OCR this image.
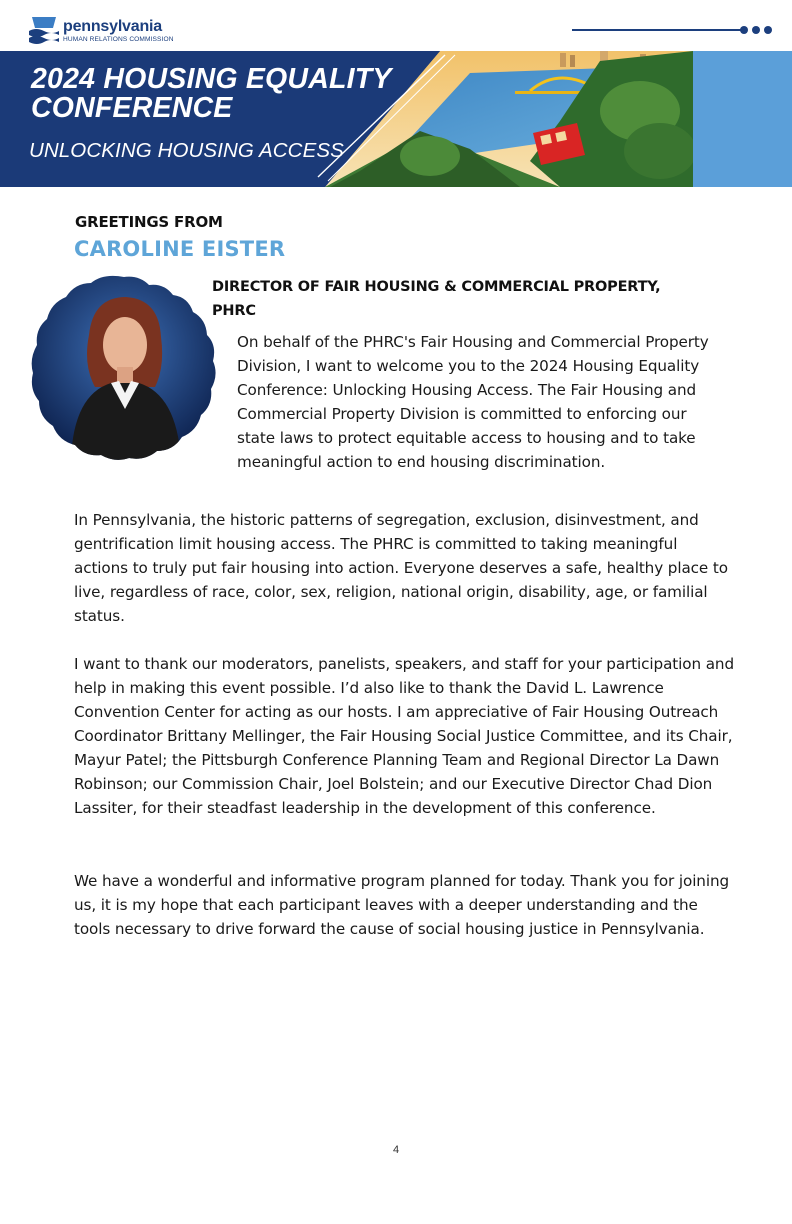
pennsylvania
HUMAN RELATIONS COMMISSION
2024 HOUSING EQUALITY
CONFERENCE

UNLOCKING HOUSING ACCESS

GREETINGS FROM
CAROLINE EISTER
DIRECTOR OF FAIR HOUSING & COMMERCIAL PROPERTY,
PHRC

On behalf of the PHRC's Fair Housing and Commercial Property Division, I want to welcome you to the 2024 Housing Equality Conference: Unlocking Housing Access. The Fair Housing and Commercial Property Division is committed to enforcing our state laws to protect equitable access to housing and to take meaningful action to end housing discrimination.

In Pennsylvania, the historic patterns of segregation, exclusion, disinvestment, and gentrification limit housing access. The PHRC is committed to taking meaningful actions to truly put fair housing into action. Everyone deserves a safe, healthy place to live, regardless of race, color, sex, religion, national origin, disability, age, or familial status.

I want to thank our moderators, panelists, speakers, and staff for your participation and help in making this event possible. I’d also like to thank the David L. Lawrence Convention Center for acting as our hosts. I am appreciative of Fair Housing Outreach Coordinator Brittany Mellinger, the Fair Housing Social Justice Committee, and its Chair, Mayur Patel; the Pittsburgh Conference Planning Team and Regional Director La Dawn Robinson; our Commission Chair, Joel Bolstein; and our Executive Director Chad Dion Lassiter, for their steadfast leadership in the development of this conference.

We have a wonderful and informative program planned for today. Thank you for joining us, it is my hope that each participant leaves with a deeper understanding and the tools necessary to drive forward the cause of social housing justice in Pennsylvania.

4
